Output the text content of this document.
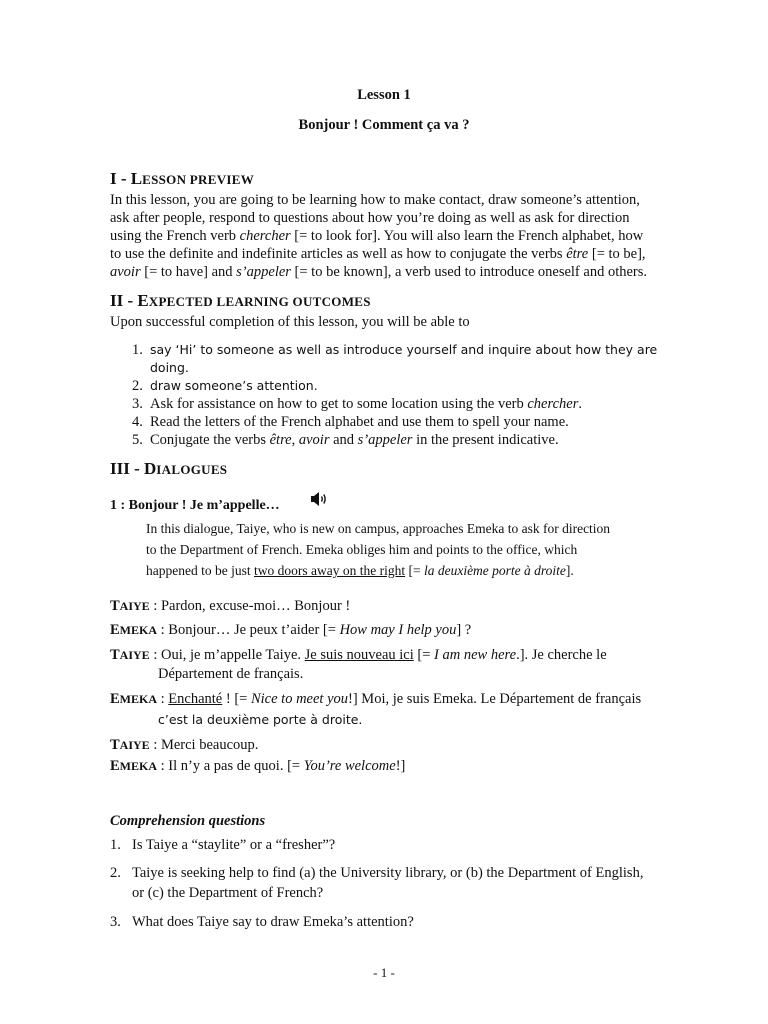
Lesson 1
Bonjour ! Comment ça va ?
I - LESSON PREVIEW
In this lesson, you are going to be learning how to make contact, draw someone’s attention,
ask after people, respond to questions about how you’re doing as well as ask for direction
using the French verb chercher [= to look for]. You will also learn the French alphabet, how
to use the definite and indefinite articles as well as how to conjugate the verbs être [= to be],
avoir [= to have] and s’appeler [= to be known], a verb used to introduce oneself and others.
II - EXPECTED LEARNING OUTCOMES
Upon successful completion of this lesson, you will be able to
1. say ‘Hi’ to someone as well as introduce yourself and inquire about how they are
doing.
2. draw someone’s attention.
3. Ask for assistance on how to get to some location using the verb chercher.
4. Read the letters of the French alphabet and use them to spell your name.
5. Conjugate the verbs être, avoir and s’appeler in the present indicative.
III - DIALOGUES
1 : Bonjour ! Je m’appelle…
In this dialogue, Taiye, who is new on campus, approaches Emeka to ask for direction
to the Department of French. Emeka obliges him and points to the office, which
happened to be just two doors away on the right [= la deuxième porte à droite].
TAIYE : Pardon, excuse-moi… Bonjour !
EMEKA : Bonjour… Je peux t’aider [= How may I help you] ?
TAIYE : Oui, je m’appelle Taiye. Je suis nouveau ici [= I am new here.]. Je cherche le
Département de français.
EMEKA : Enchanté ! [= Nice to meet you!] Moi, je suis Emeka. Le Département de français
c’est la deuxième porte à droite.
TAIYE : Merci beaucoup.
EMEKA : Il n’y a pas de quoi. [= You’re welcome!]
Comprehension questions
1. Is Taiye a “staylite” or a “fresher”?
2. Taiye is seeking help to find (a) the University library, or (b) the Department of English,
or (c) the Department of French?
3. What does Taiye say to draw Emeka’s attention?
- 1 -
